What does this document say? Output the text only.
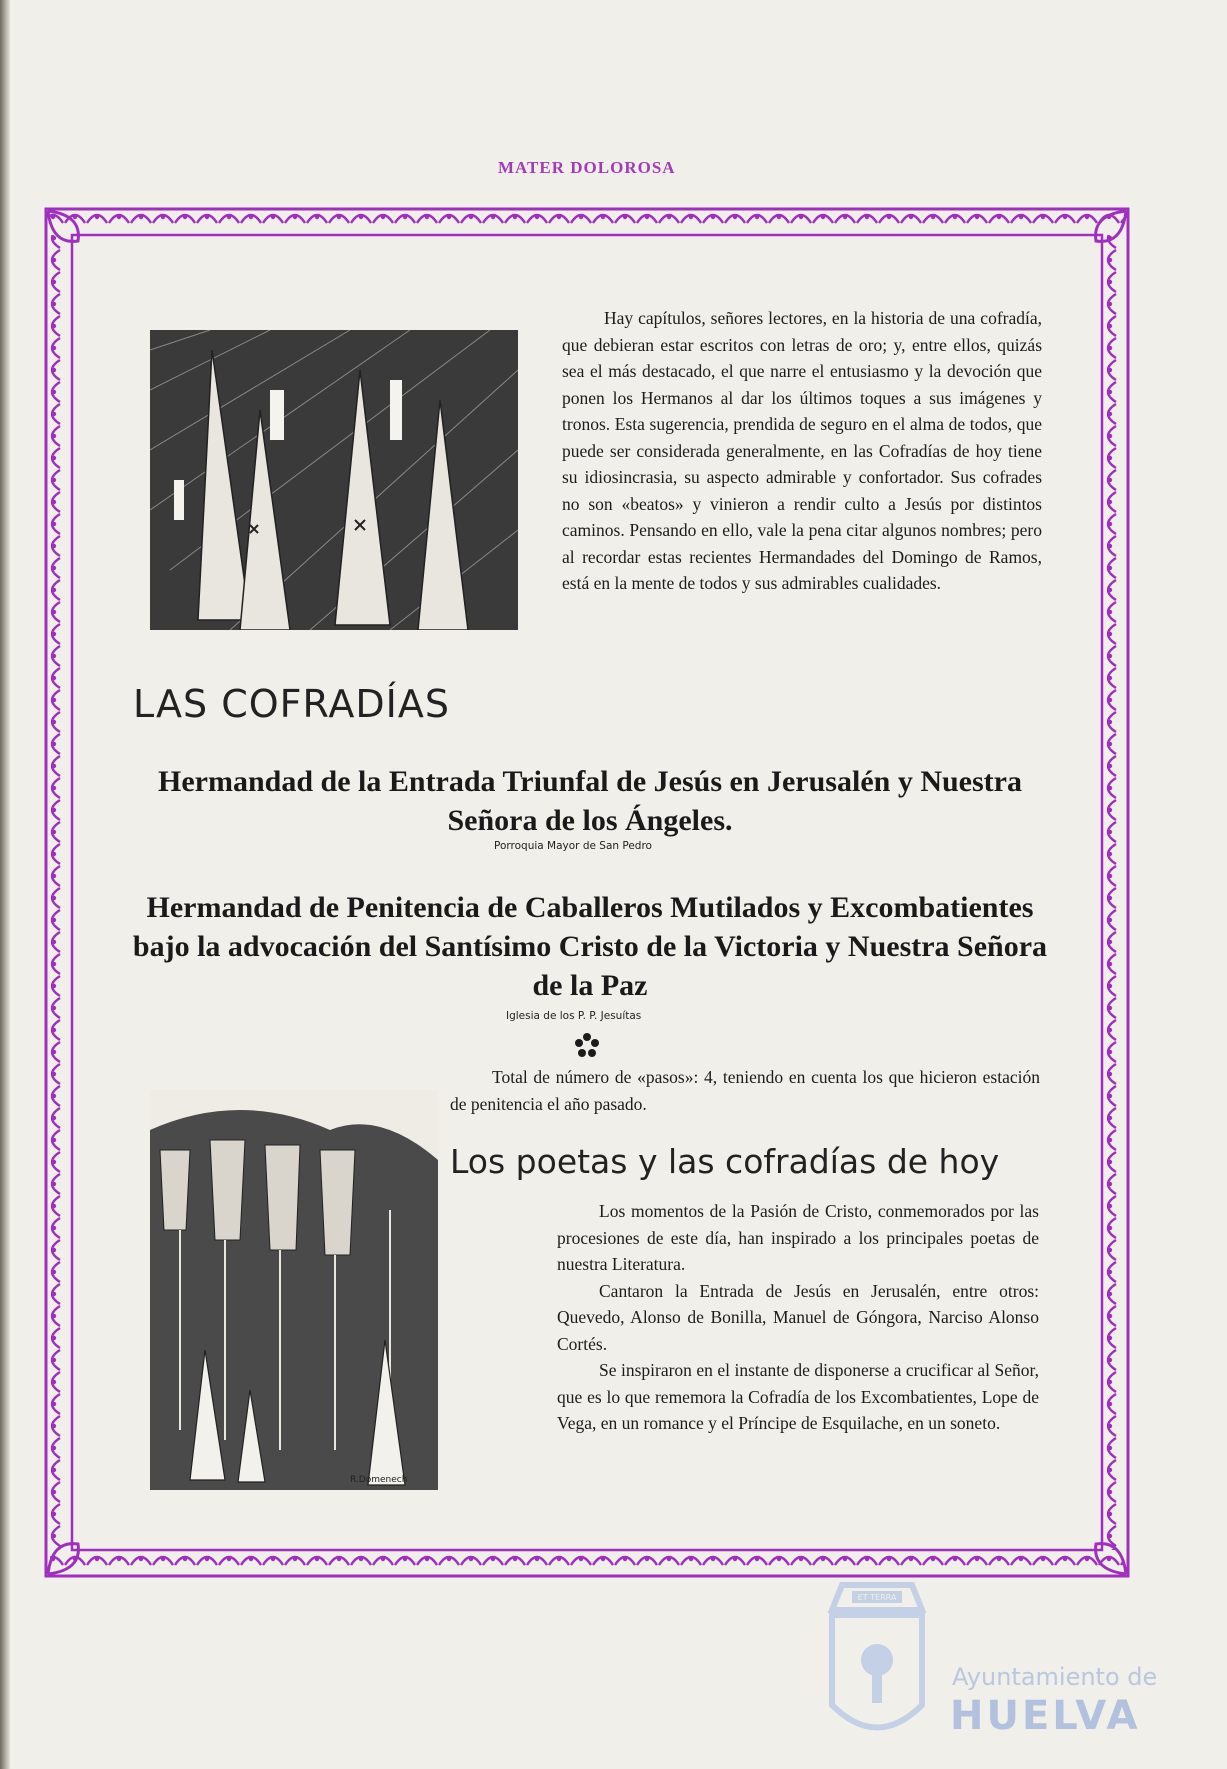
MATER DOLOROSA

Hay capítulos, señores lectores, en la historia de una cofradía, que debieran estar escritos con letras de oro; y, entre ellos, quizás sea el más destacado, el que narre el entusiasmo y la devoción que ponen los Hermanos al dar los últimos toques a sus imágenes y tronos. Esta sugerencia, prendida de seguro en el alma de todos, que puede ser considerada generalmente, en las Cofradías de hoy tiene su idiosincrasia, su aspecto admirable y confortador. Sus cofrades no son «beatos» y vinieron a rendir culto a Jesús por distintos caminos. Pensando en ello, vale la pena citar algunos nombres; pero al recordar estas recientes Hermandades del Domingo de Ramos, está en la mente de todos y sus admirables cualidades.

LAS COFRADÍAS
Hermandad de la Entrada Triunfal de Jesús en Jerusalén y Nuestra Señora de los Ángeles.
Porroquia Mayor de San Pedro
Hermandad de Penitencia de Caballeros Mutilados y Excombatientes bajo la advocación del Santísimo Cristo de la Victoria y Nuestra Señora de la Paz
Iglesia de los P. P. Jesuítas

Total de número de «pasos»: 4, teniendo en cuenta los que hicieron estación de penitencia el año pasado.

R.Domenech
Los poetas y las cofradías de hoy

Los momentos de la Pasión de Cristo, conmemorados por las procesiones de este día, han inspirado a los principales poetas de nuestra Literatura.

Cantaron la Entrada de Jesús en Jerusalén, entre otros: Quevedo, Alonso de Bonilla, Manuel de Góngora, Narciso Alonso Cortés.

Se inspiraron en el instante de disponerse a crucificar al Señor, que es lo que rememora la Cofradía de los Excombatientes, Lope de Vega, en un romance y el Príncipe de Esquilache, en un soneto.

ET TERRA
Ayuntamiento de
HUELVA
